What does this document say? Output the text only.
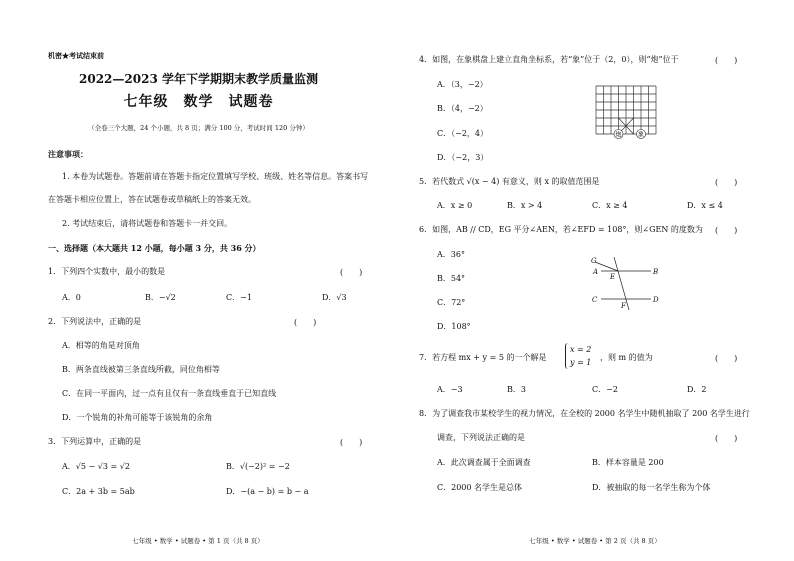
机密★考试结束前
2022—2023 学年下学期期末教学质量监测
七年级　数学　试题卷
（全卷三个大题，24 个小题，共 8 页；满分 100 分，考试时间 120 分钟）
注意事项：
1. 本卷为试题卷。答题前请在答题卡指定位置填写学校、班级、姓名等信息。答案书写
在答题卡相应位置上，答在试题卷或草稿纸上的答案无效。
2. 考试结束后，请将试题卷和答题卡一并交回。
一、选择题（本大题共 12 小题，每小题 3 分，共 36 分）
1．下列四个实数中，最小的数是	(　　)
A．0	B．−√2	C．−1	D．√3
2．下列说法中，正确的是	(　　)
A．相等的角是对顶角
B．两条直线被第三条直线所截，同位角相等
C．在同一平面内，过一点有且仅有一条直线垂直于已知直线
D．一个锐角的补角可能等于该锐角的余角
3．下列运算中，正确的是	(　　)
A．√5 − √3 = √2	B．√(−2)² = −2
C．2a + 3b = 5ab	D．−(a − b) = b − a
七年级 • 数学 • 试题卷 • 第 1 页（共 8 页）
4．如图，在象棋盘上建立直角坐标系，若“象”位于（2，0），则“炮”位于	(　　)
A．（3，−2）
B．（4，−2）
C．（−2，4）
D．（−2，3）
炮	象
5．若代数式 √(x − 4) 有意义，则 x 的取值范围是	(　　)
A．x ≥ 0	B．x > 4	C．x ≥ 4	D．x ≤ 4
6．如图，AB // CD，EG 平分∠AEN，若∠EFD = 108°，则∠GEN 的度数为 (　　)
A．36°
B．54°
C．72°
D．108°
G
A
E
B
C
F
D
7．若方程 mx + y = 5 的一个解是
x = 2
y = 1
，则 m 的值为	(　　)
A．−3	B．3	C．−2	D．2
8．为了调查我市某校学生的视力情况，在全校的 2000 名学生中随机抽取了 200 名学生进行
调查，下列说法正确的是	(　　)
A．此次调查属于全面调查	B．样本容量是 200
C．2000 名学生是总体	D．被抽取的每一名学生称为个体
七年级 • 数学 • 试题卷 • 第 2 页（共 8 页）
